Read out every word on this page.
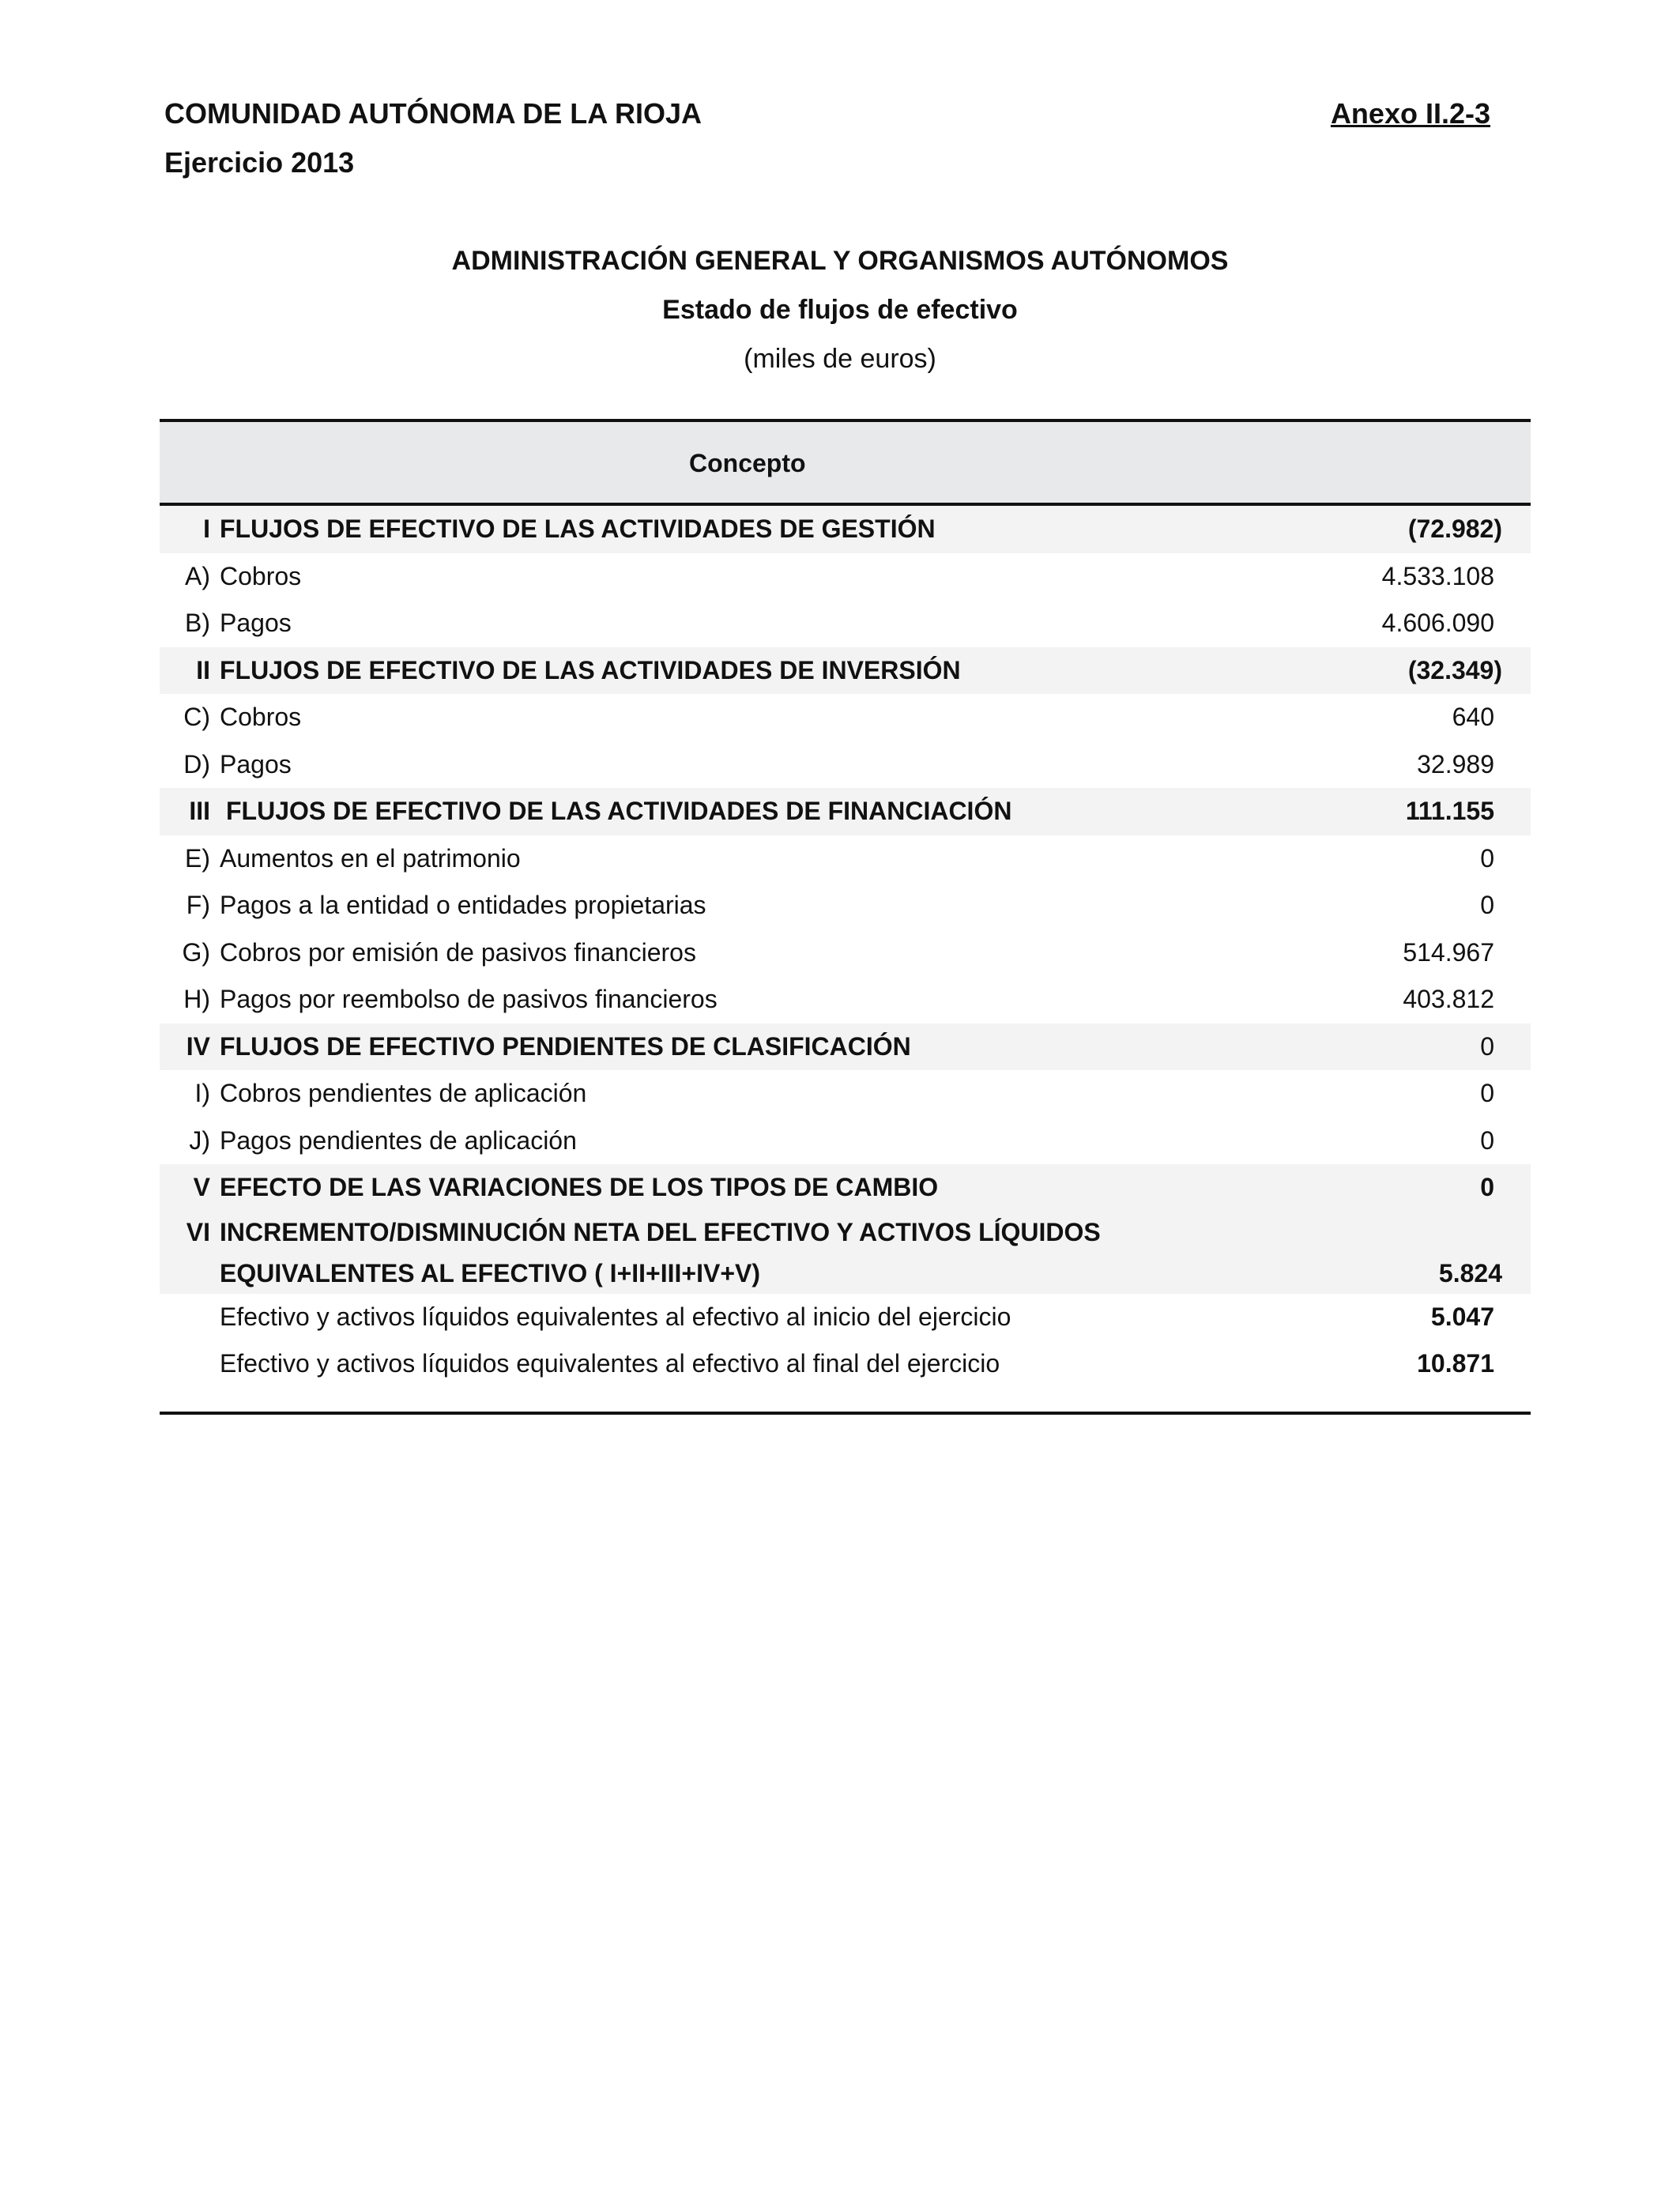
COMUNIDAD AUTÓNOMA DE LA RIOJA
Ejercicio 2013
Anexo II.2-3
ADMINISTRACIÓN GENERAL Y ORGANISMOS AUTÓNOMOS
Estado de flujos de efectivo
(miles de euros)
Concepto
I FLUJOS DE EFECTIVO DE LAS ACTIVIDADES DE GESTIÓN	(72.982)
A) Cobros	4.533.108
B) Pagos	4.606.090
II FLUJOS DE EFECTIVO DE LAS ACTIVIDADES DE INVERSIÓN	(32.349)
C) Cobros	640
D) Pagos	32.989
III FLUJOS DE EFECTIVO DE LAS ACTIVIDADES DE FINANCIACIÓN	111.155
E) Aumentos en el patrimonio	0
F) Pagos a la entidad o entidades propietarias	0
G) Cobros por emisión de pasivos financieros	514.967
H) Pagos por reembolso de pasivos financieros	403.812
IV FLUJOS DE EFECTIVO PENDIENTES DE CLASIFICACIÓN	0
I) Cobros pendientes de aplicación	0
J) Pagos pendientes de aplicación	0
V EFECTO DE LAS VARIACIONES DE LOS TIPOS DE CAMBIO	0
VI INCREMENTO/DISMINUCIÓN NETA DEL EFECTIVO Y ACTIVOS LÍQUIDOS
EQUIVALENTES AL EFECTIVO ( I+II+III+IV+V)	5.824
Efectivo y activos líquidos equivalentes al efectivo al inicio del ejercicio	5.047
Efectivo y activos líquidos equivalentes al efectivo al final del ejercicio	10.871
